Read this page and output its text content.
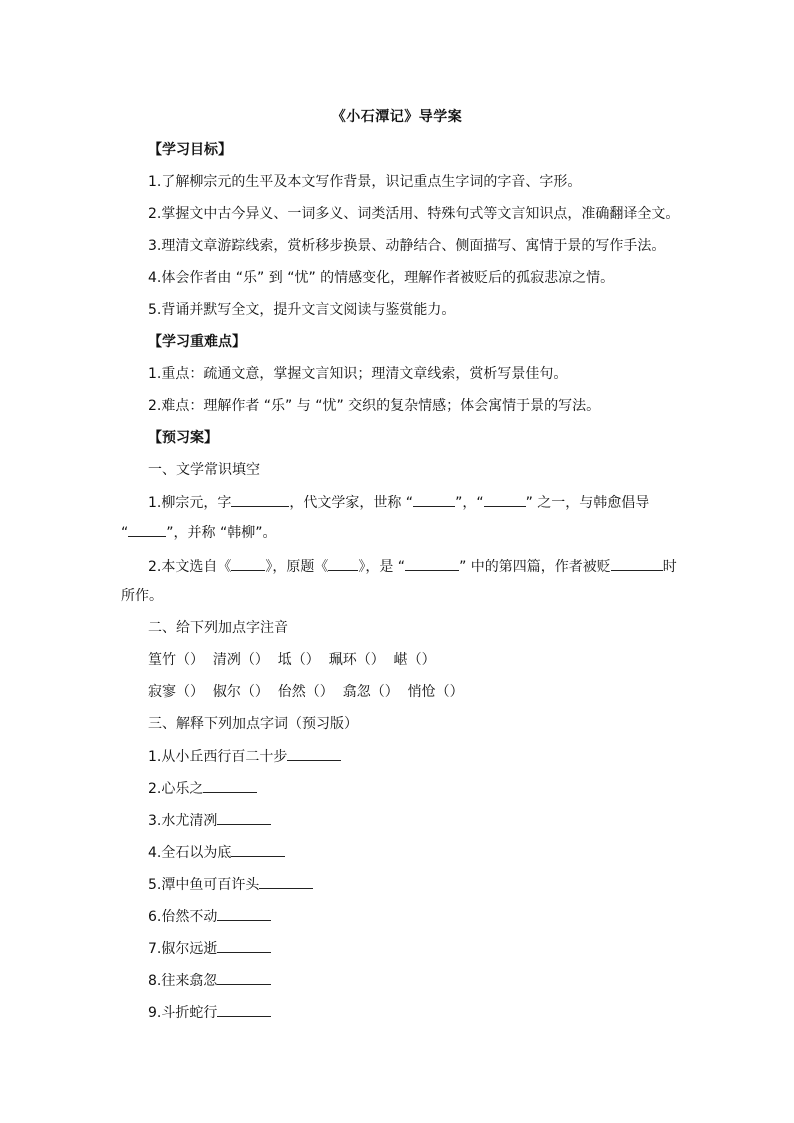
《小石潭记》导学案
【学习目标】
1.了解柳宗元的生平及本文写作背景，识记重点生字词的字音、字形。
2.掌握文中古今异义、一词多义、词类活用、特殊句式等文言知识点，准确翻译全文。
3.理清文章游踪线索，赏析移步换景、动静结合、侧面描写、寓情于景的写作手法。
4.体会作者由 “乐” 到 “忧” 的情感变化，理解作者被贬后的孤寂悲凉之情。
5.背诵并默写全文，提升文言文阅读与鉴赏能力。
【学习重难点】
1.重点：疏通文意，掌握文言知识；理清文章线索，赏析写景佳句。
2.难点：理解作者 “乐” 与 “忧” 交织的复杂情感；体会寓情于景的写法。
【预习案】
一、文学常识填空
1.柳宗元，字	，代文学家，世称 “	”，“	” 之一，与韩愈倡导
“	”，并称 “韩柳”。
2.本文选自《 》，原题《 》，是 “	” 中的第四篇，作者被贬	时
所作。
二、给下列加点字注音
篁竹（）  清冽（）  坻（）  珮环（）  嵁（）
寂寥（）  俶尔（）  佁然（）  翕忽（）  悄怆（）
三、解释下列加点字词（预习版）
1.从小丘西行百二十步
2.心乐之
3.水尤清冽
4.全石以为底
5.潭中鱼可百许头
6.佁然不动
7.俶尔远逝
8.往来翕忽
9.斗折蛇行
